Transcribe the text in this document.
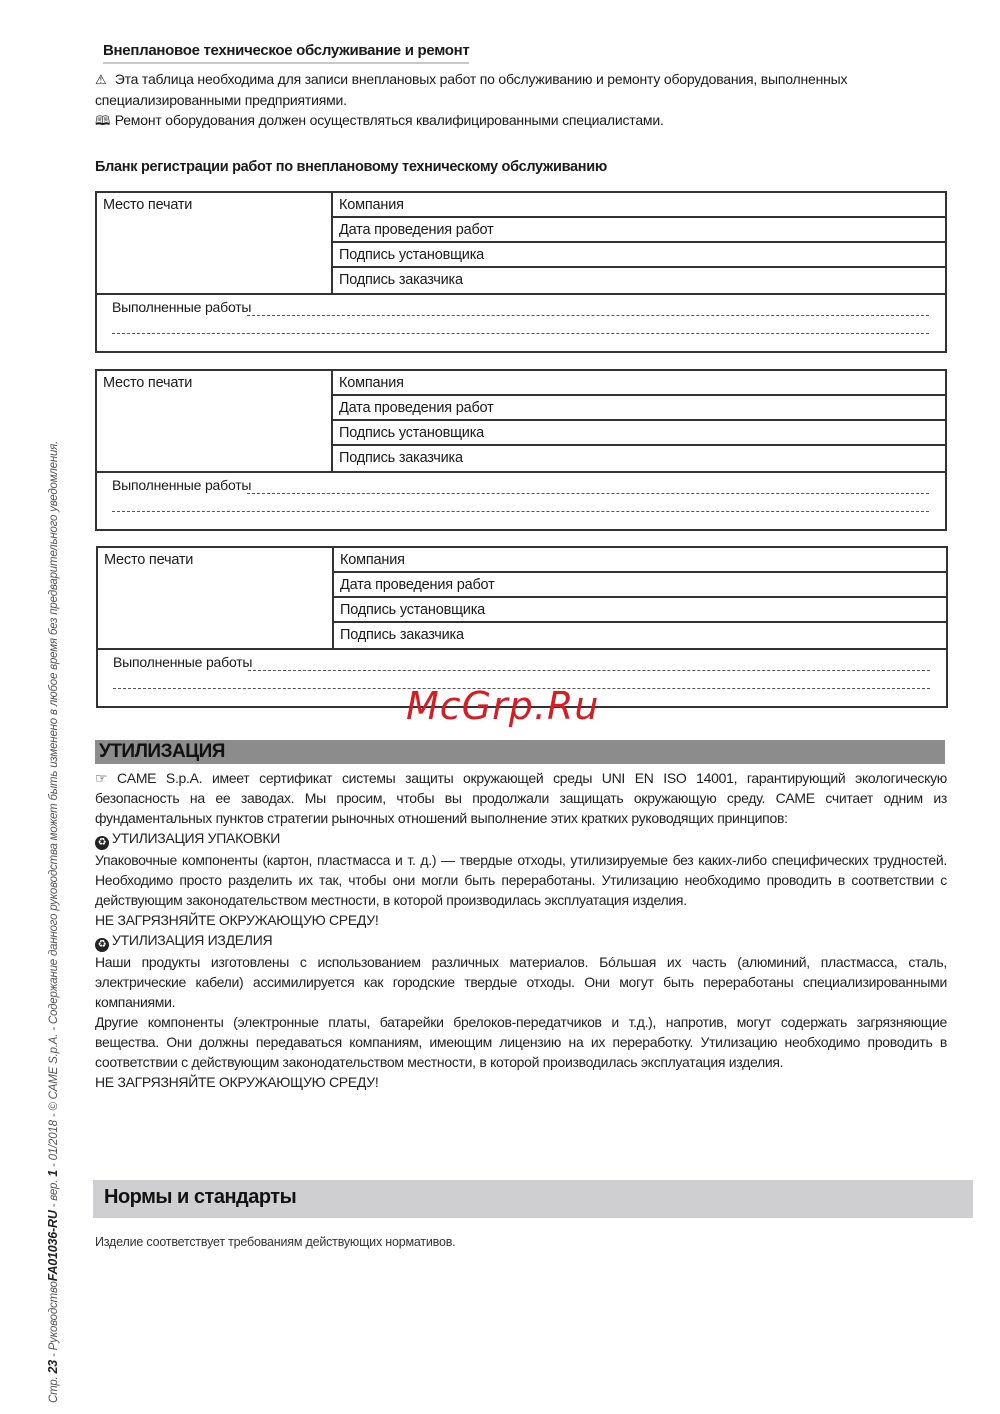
Внеплановое техническое обслуживание и ремонт
⚠ Эта таблица необходима для записи внеплановых работ по обслуживанию и ремонту оборудования, выполненных специализированными предприятиями.
🕮 Ремонт оборудования должен осуществляться квалифицированными специалистами.
Бланк регистрации работ по внеплановому техническому обслуживанию
Место печати	Компания
Дата проведения работ
Подпись установщика
Подпись заказчика
Выполненные работы
Место печати	Компания
Дата проведения работ
Подпись установщика
Подпись заказчика
Выполненные работы
Место печати	Компания
Дата проведения работ
Подпись установщика
Подпись заказчика
Выполненные работы
McGrp.Ru
УТИЛИЗАЦИЯ

☞ CAME S.p.A. имеет сертификат системы защиты окружающей среды UNI EN ISO 14001, гарантирующий экологическую безопасность на ее заводах. Мы просим, чтобы вы продолжали защищать окружающую среду. CAME считает одним из фундаментальных пунктов стратегии рыночных отношений выполнение этих кратких руководящих принципов:

♻ УТИЛИЗАЦИЯ УПАКОВКИ

Упаковочные компоненты (картон, пластмасса и т. д.) — твердые отходы, утилизируемые без каких-либо специфических трудностей. Необходимо просто разделить их так, чтобы они могли быть переработаны. Утилизацию необходимо проводить в соответствии с действующим законодательством местности, в которой производилась эксплуатация изделия.

НЕ ЗАГРЯЗНЯЙТЕ ОКРУЖАЮЩУЮ СРЕДУ!

♻ УТИЛИЗАЦИЯ ИЗДЕЛИЯ

Наши продукты изготовлены с использованием различных материалов. Бóльшая их часть (алюминий, пластмасса, сталь, электрические кабели) ассимилируется как городские твердые отходы. Они могут быть переработаны специализированными компаниями.

Другие компоненты (электронные платы, батарейки брелоков-передатчиков и т.д.), напротив, могут содержать загрязняющие вещества. Они должны передаваться компаниям, имеющим лицензию на их переработку. Утилизацию необходимо проводить в соответствии с действующим законодательством местности, в которой производилась эксплуатация изделия.

НЕ ЗАГРЯЗНЯЙТЕ ОКРУЖАЮЩУЮ СРЕДУ!

Нормы и стандарты
Изделие соответствует требованиям действующих нормативов.
Стр. 23 - РуководствоFA01036-RU - вер. 1 - 01/2018 - © CAME S.p.A. - Содержание данного руководства может быть изменено в любое время без предварительного уведомления.
